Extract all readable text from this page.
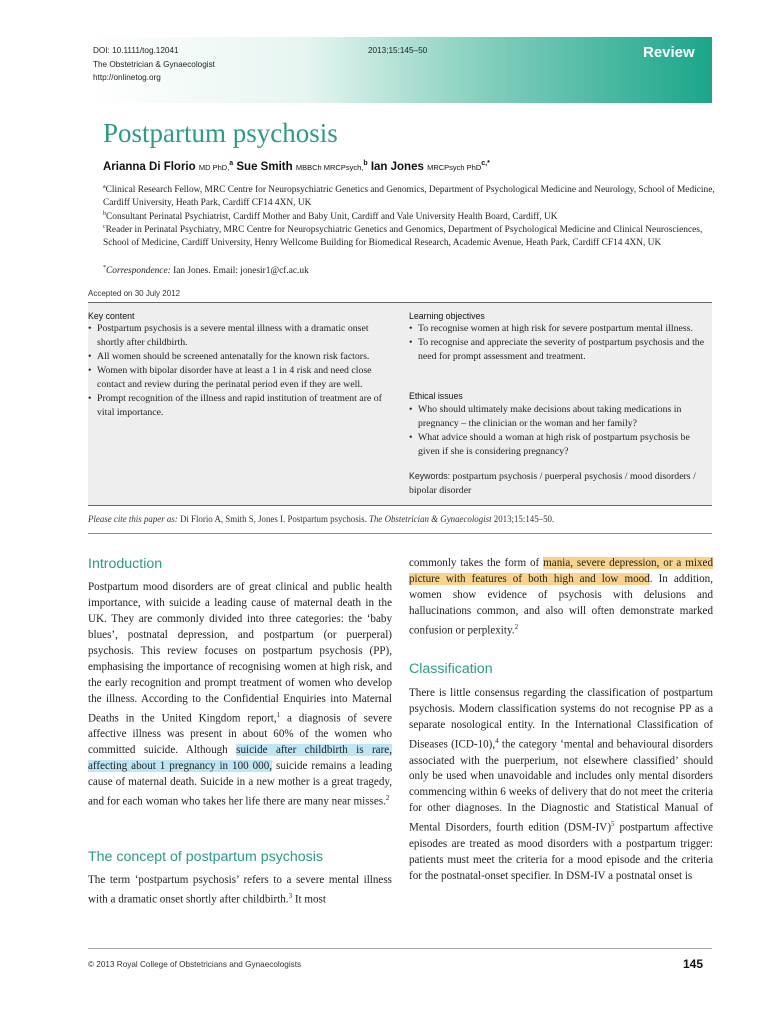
DOI: 10.1111/tog.12041	2013;15:145–50
The Obstetrician & Gynaecologist
http://onlinetog.org
Review
Postpartum psychosis
Arianna Di Florio MD PhD,$^a$ Sue Smith MBBCh MRCPsych,$^b$ Ian Jones MRCPsych PhD$^{c,*}$
$^a$Clinical Research Fellow, MRC Centre for Neuropsychiatric Genetics and Genomics, Department of Psychological Medicine and Neurology, School of Medicine, Cardiff University, Heath Park, Cardiff CF14 4XN, UK
$^b$Consultant Perinatal Psychiatrist, Cardiff Mother and Baby Unit, Cardiff and Vale University Health Board, Cardiff, UK
$^c$Reader in Perinatal Psychiatry, MRC Centre for Neuropsychiatric Genetics and Genomics, Department of Psychological Medicine and Clinical Neurosciences, School of Medicine, Cardiff University, Henry Wellcome Building for Biomedical Research, Academic Avenue, Heath Park, Cardiff CF14 4XN, UK
*Correspondence: Ian Jones. Email: jonesir1@cf.ac.uk
Accepted on 30 July 2012
Key content
• Postpartum psychosis is a severe mental illness with a dramatic onset shortly after childbirth.
• All women should be screened antenatally for the known risk factors.
• Women with bipolar disorder have at least a 1 in 4 risk and need close contact and review during the perinatal period even if they are well.
• Prompt recognition of the illness and rapid institution of treatment are of vital importance.
Learning objectives
• To recognise women at high risk for severe postpartum mental illness.
• To recognise and appreciate the severity of postpartum psychosis and the need for prompt assessment and treatment.
Ethical issues
• Who should ultimately make decisions about taking medications in pregnancy – the clinician or the woman and her family?
• What advice should a woman at high risk of postpartum psychosis be given if she is considering pregnancy?
Keywords: postpartum psychosis / puerperal psychosis / mood disorders / bipolar disorder
Please cite this paper as: Di Florio A, Smith S, Jones I. Postpartum psychosis. The Obstetrician & Gynaecologist 2013;15:145–50.
Introduction
Postpartum mood disorders are of great clinical and public health importance, with suicide a leading cause of maternal death in the UK. They are commonly divided into three categories: the ‘baby blues’, postnatal depression, and postpartum (or puerperal) psychosis. This review focuses on postpartum psychosis (PP), emphasising the importance of recognising women at high risk, and the early recognition and prompt treatment of women who develop the illness. According to the Confidential Enquiries into Maternal Deaths in the United Kingdom report,$^1$ a diagnosis of severe affective illness was present in about 60% of the women who committed suicide. Although suicide after childbirth is rare, affecting about 1 pregnancy in 100 000, suicide remains a leading cause of maternal death. Suicide in a new mother is a great tragedy, and for each woman who takes her life there are many near misses.$^2$
The concept of postpartum psychosis
The term ‘postpartum psychosis’ refers to a severe mental illness with a dramatic onset shortly after childbirth.$^3$ It most
commonly takes the form of mania, severe depression, or a mixed picture with features of both high and low mood. In addition, women show evidence of psychosis with delusions and hallucinations common, and also will often demonstrate marked confusion or perplexity.$^2$
Classification
There is little consensus regarding the classification of postpartum psychosis. Modern classification systems do not recognise PP as a separate nosological entity. In the International Classification of Diseases (ICD-10),$^4$ the category ‘mental and behavioural disorders associated with the puerperium, not elsewhere classified’ should only be used when unavoidable and includes only mental disorders commencing within 6 weeks of delivery that do not meet the criteria for other diagnoses. In the Diagnostic and Statistical Manual of Mental Disorders, fourth edition $(DSM-IV)^5$ postpartum affective episodes are treated as mood disorders with a postpartum trigger: patients must meet the criteria for a mood episode and the criteria for the postnatal-onset specifier. In DSM-IV a postnatal onset is
© 2013 Royal College of Obstetricians and Gynaecologists	145
